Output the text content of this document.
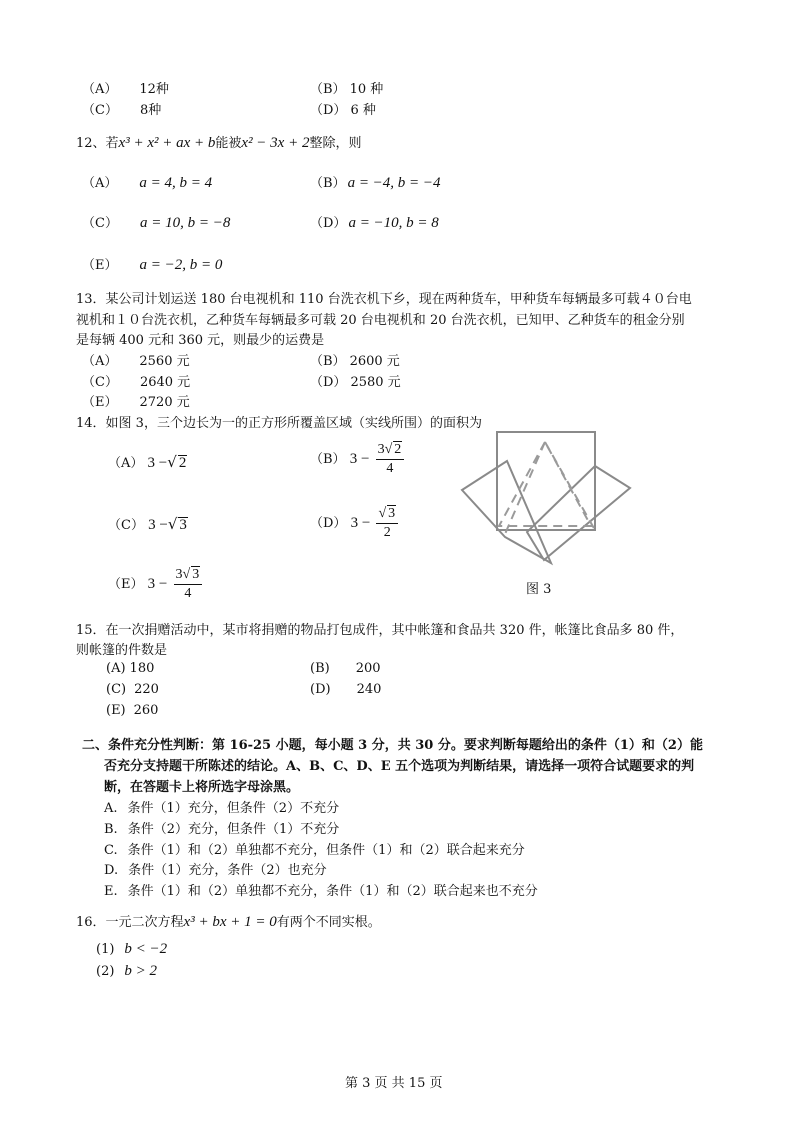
（A） 12种	（B） 10 种
（C） 8种	（D） 6 种
12、若x³ + x² + ax + b能被x² − 3x + 2整除，则
（A） a = 4, b = 4	（B） a = −4, b = −4
（C） a = 10, b = −8	（D） a = −10, b = 8
（E） a = −2, b = 0
13．某公司计划运送 180 台电视机和 110 台洗衣机下乡，现在两种货车，甲种货车每辆最多可载４０台电
视机和１０台洗衣机，乙种货车每辆最多可载 20 台电视机和 20 台洗衣机，已知甲、乙种货车的租金分别
是每辆 400 元和 360 元，则最少的运费是
（A） 2560 元	（B） 2600 元
（C） 2640 元	（D） 2580 元
（E） 2720 元
14．如图 3，三个边长为一的正方形所覆盖区域（实线所围）的面积为
（A） 3 −√ 2	（B） $3 - \frac{3√ 2}{4}$
（C） 3 −√ 3	（D） $3 - \frac{√ 3}{2}$
（E） $3 - \frac{3√ 3}{4}$	图 3
15．在一次捐赠活动中，某市将捐赠的物品打包成件，其中帐篷和食品共 320 件，帐篷比食品多 80 件，
则帐篷的件数是
(A) 180	(B) 200
(C) 220	(D) 240
(E) 260
二、条件充分性判断：第 16-25 小题，每小题 3 分，共 30 分。要求判断每题给出的条件（1）和（2）能
否充分支持题干所陈述的结论。A、B、C、D、E 五个选项为判断结果，请选择一项符合试题要求的判
断，在答题卡上将所选字母涂黑。
A. 条件（1）充分，但条件（2）不充分
B. 条件（2）充分，但条件（1）不充分
C. 条件（1）和（2）单独都不充分，但条件（1）和（2）联合起来充分
D. 条件（1）充分，条件（2）也充分
E. 条件（1）和（2）单独都不充分，条件（1）和（2）联合起来也不充分
16．一元二次方程x³ + bx + 1 = 0有两个不同实根。
(1) b < −2
(2) b > 2
第 3 页 共 15 页
